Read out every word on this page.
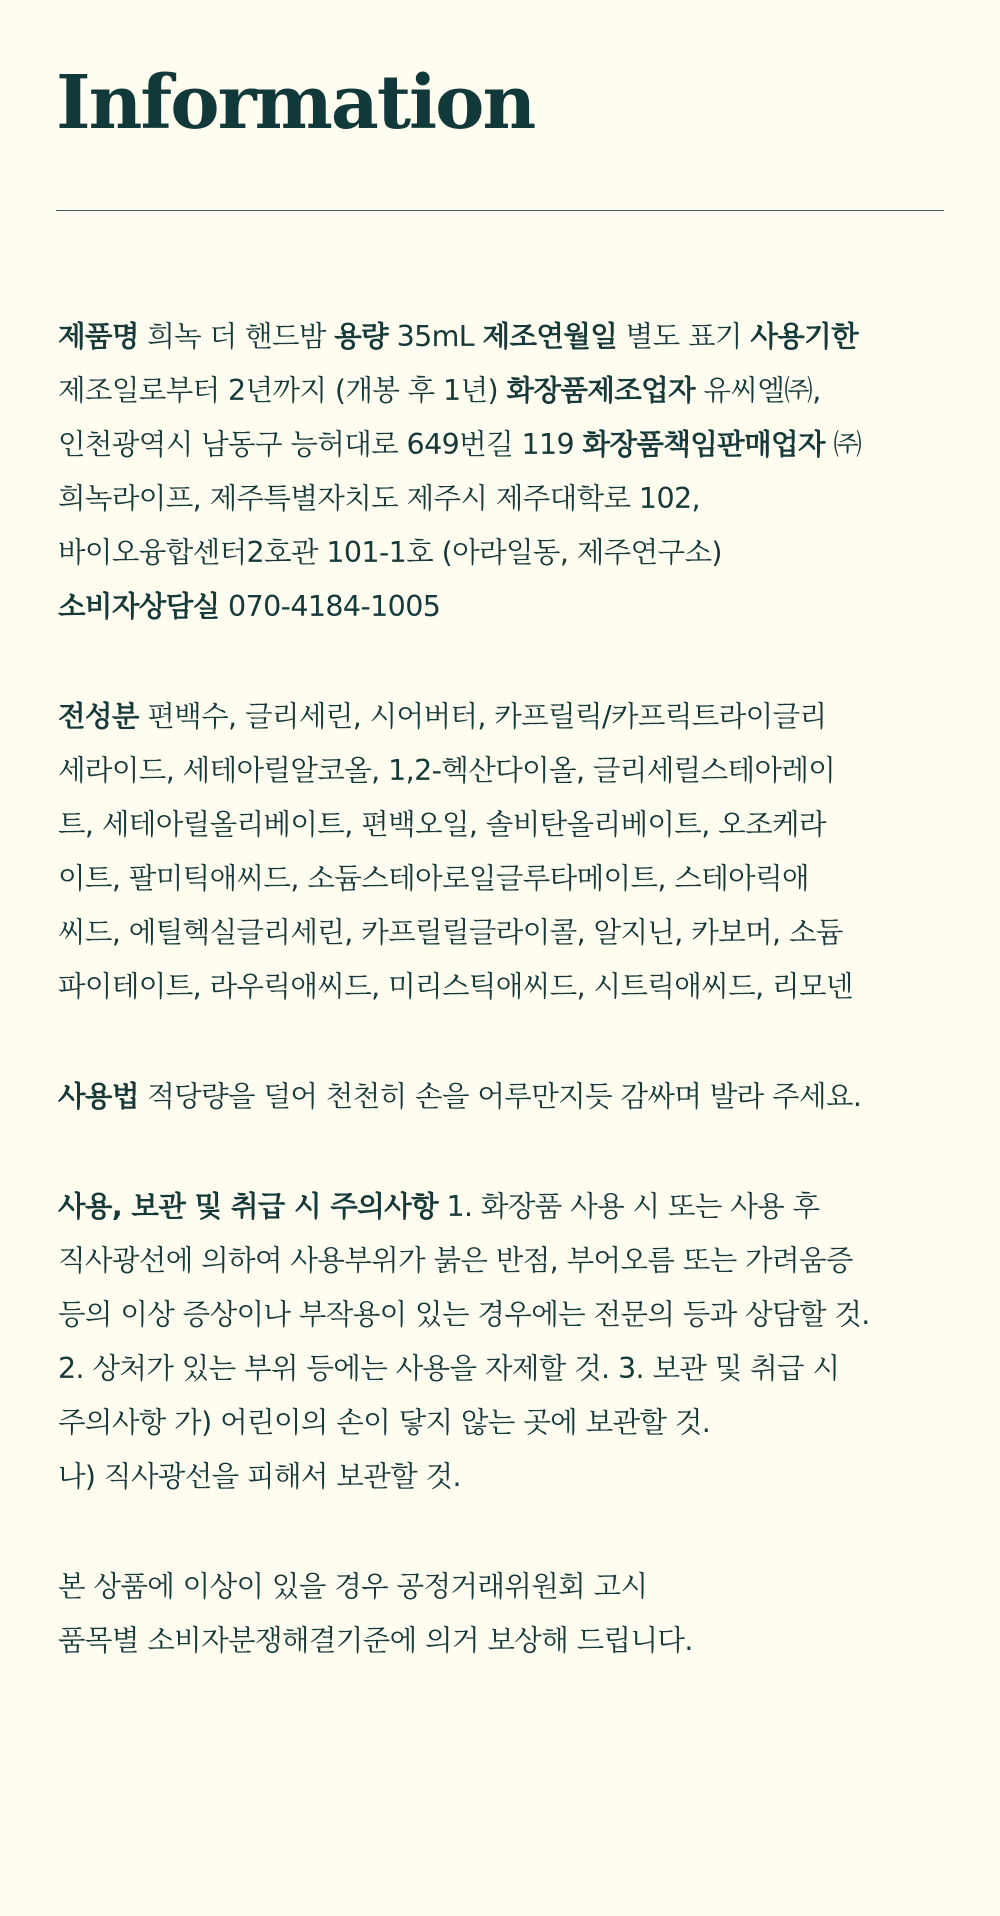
Information

제품명 희녹 더 핸드밤 용량 35mL 제조연월일 별도 표기 사용기한
제조일로부터 2년까지 (개봉 후 1년) 화장품제조업자 유씨엘㈜,
인천광역시 남동구 능허대로 649번길 119 화장품책임판매업자 ㈜
희녹라이프, 제주특별자치도 제주시 제주대학로 102,
바이오융합센터2호관 101-1호 (아라일동, 제주연구소)
소비자상담실 070-4184-1005

전성분 편백수, 글리세린, 시어버터, 카프릴릭/카프릭트라이글리
세라이드, 세테아릴알코올, 1,2-헥산다이올, 글리세릴스테아레이
트, 세테아릴올리베이트, 편백오일, 솔비탄올리베이트, 오조케라
이트, 팔미틱애씨드, 소듐스테아로일글루타메이트, 스테아릭애
씨드, 에틸헥실글리세린, 카프릴릴글라이콜, 알지닌, 카보머, 소듐
파이테이트, 라우릭애씨드, 미리스틱애씨드, 시트릭애씨드, 리모넨

사용법 적당량을 덜어 천천히 손을 어루만지듯 감싸며 발라 주세요.

사용, 보관 및 취급 시 주의사항 1. 화장품 사용 시 또는 사용 후
직사광선에 의하여 사용부위가 붉은 반점, 부어오름 또는 가려움증
등의 이상 증상이나 부작용이 있는 경우에는 전문의 등과 상담할 것.
2. 상처가 있는 부위 등에는 사용을 자제할 것. 3. 보관 및 취급 시
주의사항 가) 어린이의 손이 닿지 않는 곳에 보관할 것.
나) 직사광선을 피해서 보관할 것.

본 상품에 이상이 있을 경우 공정거래위원회 고시
품목별 소비자분쟁해결기준에 의거 보상해 드립니다.
